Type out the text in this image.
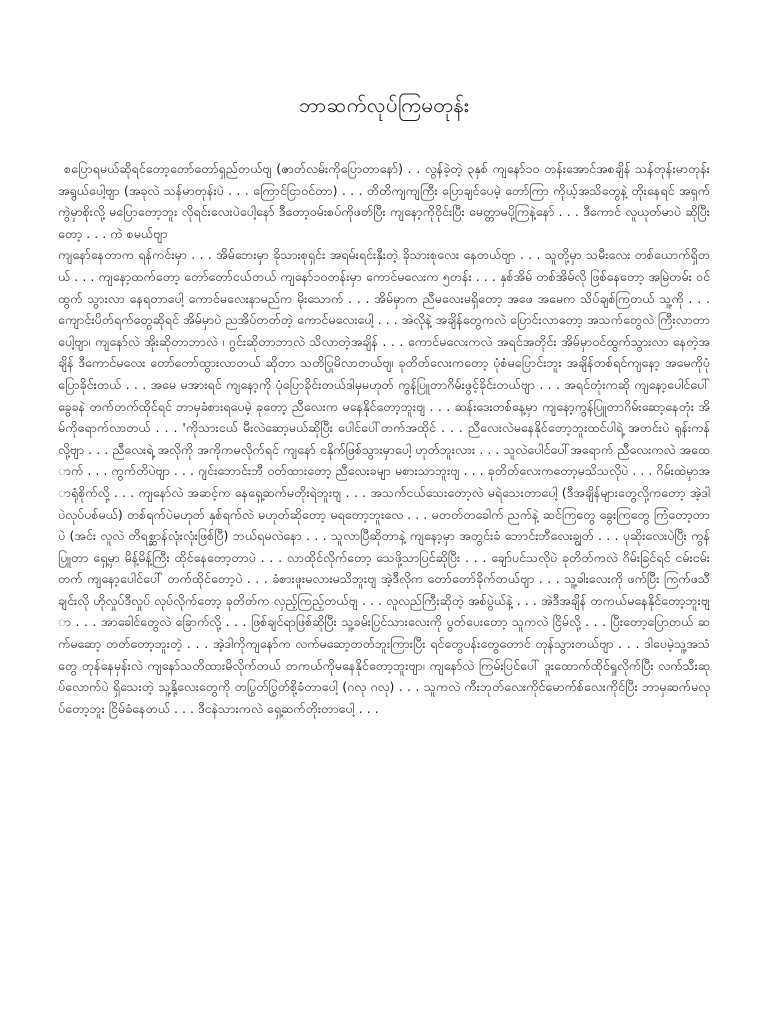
ဘာဆက်လုပ်ကြမတုန်း

စပြောရမယ်ဆိုရင်တော့တော်တော်ရှည်တယ်ဗျ (ဇာတ်လမ်းကိုပြောတာနော်) . . လွန်ခဲ့တဲ့ ၃နှစ် ကျနော်၁၀ တန်းအောင်အစချိန် သန်တုန်းမာတုန်း အရွယ်ပေါ့ဗျာ (အခုလဲ သန်မာတုန်းပဲ . . . ကြောင်ငြာဝင်တာ) . . . တိတိကျကျကြီး ပြောချင်ပေမဲ့ တော်ကြာ ကိုယ့်အသိတွေနဲ့ တိုးနေရင် အရှက်ကွဲမှာစိုးလို့ မပြောတော့ဘူး လိုရင်းလေးပဲပေါ့နော် ဒီတော့ဝမ်းစပ်ကိုဖတ်ပြီး ကျနော့ကိုဝိုင်းပြီး မေတ္တာမပို့ကြနဲ့နော် . . . ဒီကောင် လူယုတ်မာပဲ ဆိုပြီးတော့ . . . ကဲ စမယ်ဗျာ

ကျနော်နေတာက ရန်ကင်းမှာ . . . အိမ်ဘေးမှာ ခိုသားစုရှင်း အရမ်းရင်းနှီးတဲ့ ခိုသားစုလေး နေတယ်ဗျာ . . . သူတို့မှာ သမီးလေး တစ်ယောက်ရှိတယ် . . . ကျနော့ထက်တော့ တော်တော်ငယ်တယ် ကျနော်၁၀တန်းမှာ ကောင်မလေးက ၅တန်း . . . နှစ်အိမ် တစ်အိမ်လို ဖြစ်နေတော့ အမြဲတမ်း ဝင်ထွက် သွားလာ နေရတာပေါ့ ကောင်မလေးနာမည်က မိုးသောက် . . . အိမ်မှာက ညီမလေးမရှိတော့ အဖေ အမေက သိပ်ချစ်ကြတယ် သူ့ကို . . . ကျောင်းပိတ်ရက်တွေဆိုရင် အိမ်မှာပဲ ညအိပ်တတ်တဲ့ ကောင်မလေးပေါ့ . . . အဲလိုနဲ့ အချိန်တွေကလဲ ပြောင်းလာတော့ အသက်တွေလဲ ကြီးလာတာပေါ့ဗျာ၊ ကျနော်လဲ အိုးဆိုတာဘာလဲ ၊ ဂွင်းဆိုတာဘာလဲ သိလာတဲ့အချိန် . . . ကောင်မလေးကလဲ အရင်အတိုင်း အိမ်မှာဝင်ထွက်သွားလာ နေတဲ့အချိန် ဒီကောင်မလေး တော်တော်ထွားလာတယ် ဆိုတာ သတိပြုမိလာတယ်ဗျ၊ ခုတိတ်လေးကတော့ ပုံစံမပြောင်းဘူး အချိန်တစ်ရင်ကျနော့ အမေကိုပုံပြောခိုင်းတယ် . . . အမေ မအားရင် ကျနော့ကို ပုံပြောခိုင်းတယ်ဒါမှမဟုတ် ကွန်ပြူတာဂိမ်းဖွင့်ခိုင်းတယ်ဗျာ . . . အရင်တုံးကဆို ကျနော့ပေါင်ပေါ် ခွေခနဲ တက်တက်ထိုင်ရင် ဘာမှခံစားရပေမဲ့ ခုတော့ ညီလေးက မနေနိုင်တော့ဘူးဗျ . . . ဆန်းဒေးတစ်နေ့မှာ ကျနော့ကွန်ပြူတာဂိမ်းဆော့နေတုံး အိမ်ကိုရောက်လာတယ် . . . 'ကိုသားငယ် မီးလဲဆော့မယ်ဆိုပြီး ပေါင်ပေါ်တက်အထိုင် . . . ညီလေးလဲမနေနိုင်တော့ဘူးထင်ပါရဲ့ အတင်းပဲ ရုန်းကန်လို့ဗျာ . . . ညီလေးရဲ့ အလိုကို အကိုကမလိုက်ရင် ကျနော် ငနိုက်ဖြစ်သွားမှာပေါ့ ဟုတ်ဘူးလား . . . သူလဲပေါင်ပေါ်အရောက် ညီလေးကလဲ အထောက် . . . ကွက်တိပဲဗျာ . . . ဂျင်းဘောင်းဘီ ဝတ်ထားတော့ ညီလေးခမျာ မစားသာဘူးဗျ . . . ခုတိတ်လေးကတော့မသိသလိုပဲ . . . ဂိမ်းထဲမှာအာရုံစိုက်လို့ . . . ကျနော်လဲ အဆင့်က နေရှေ့ဆက်မတိုးရဲဘူးဗျ . . . အသက်ငယ်သေးတော့လဲ မရဲသေးတာပေါ့ (ဒီအချိန်များတွေလို့ကတော့ အဲ့ဒါပဲလုပ်ပစ်မယ်) တစ်ရက်ပဲမဟုတ် နှစ်ရက်လဲ မဟုတ်ဆိုတော့ မရတော့ဘူးလေ . . . မတတ်တခေါက် ညက်နဲ့ ဆင်ကြတွေ ခွေးကြတွေ ကြံတော့တာပဲ (အင်း လူလဲ တိရစ္ဆာန်လုံးလုံးဖြစ်ပြီ) ဘယ်ရမလဲနော . . . သူလာပြီဆိုတာနဲ့ ကျနော့မှာ အတွင်းခံ ဘောင်းဘီလေးချွတ် . . . ပုဆိုးလေးပဲပြီး ကွန်ပြူတာ ရှေ့မှာ မိန့်မိန့်ကြီး ထိုင်နေတော့တာပဲ . . . လာထိုင်လိုက်တော့ သေဖို့သာပြင်ဆိုပြီး . . . ချော်ပင်သလိုပဲ ခုတိတ်ကလဲ ဂိမ်းခြင်ရင် ငမ်းငမ်းတက် ကျနော့ပေါင်ပေါ် တက်ထိုင်တော့ပဲ . . . ခံစားဖူးမလားမသိဘူးဗျ အဲ့ဒီလိုက တော်တော်ခိုက်တယ်ဗျာ . . . သူ့ခါးလေးကို ဖက်ပြီး ကြက်ဖသီချင်းလို ဟိုလှုပ်ဒီလှုပ် လုပ်လိုက်တော့ ခုတိတ်က လှည့်ကြည့်တယ်ဗျ . . . လူလည်ကြီးဆိုတဲ့ အစ်ပွဲယ်နဲ့ . . . အဲဒီအချိန် တကယ်မနေနိုင်တော့ဘူးဗျာ . . . အာခေါင်တွေလဲ ခြောက်လို့ . . . ဖြစ်ချင်ရာဖြစ်ဆိုပြီး သူ့ခမ်းပြင်သားလေးကို ပွတ်ပေးတော့ သူကလဲ ငြိမ်လို့ . . . ပြီးတော့ပြောတယ် ဆက်မဆော့ တတ်တော့ဘူးတဲ့ . . . အဲ့ဒါကိုကျနော်က လက်မဆော့တတ်ဘူးကြားပြီး ရင်တွေပန်းတွေတောင် တုန်သွားတယ်ဗျာ . . . ဒါပေမဲ့သူ့အသံတွေ တုန်နေမှန်းလဲ ကျနော်သတိထားမိလိုက်တယ် တကယ်ကိုမနေနိုင်တော့ဘူးဗျာ၊ ကျနော်လဲ ကြမ်းပြင်ပေါ် ဒူးထောက်ထိုင်ရှုလိုက်ပြီး လက်သီးဆုပ်လောက်ပဲ ရှိသေးတဲ့ သူ့နို့လေးတွေကို တပြွတ်ပြွတ်စို့ခံတာပေါ့ (ဂလု ဂလု) . . . သူကလဲ ကီးဘုတ်လေးကိုင်မောက်စ်လေးကိုင်ပြီး ဘာမှဆက်မလုပ်တော့ဘူး ငြိမ်ခံနေတယ် . . . ဒီငနဲသားကလဲ ရှေ့ဆက်တိုးတာပေါ့ . . .
